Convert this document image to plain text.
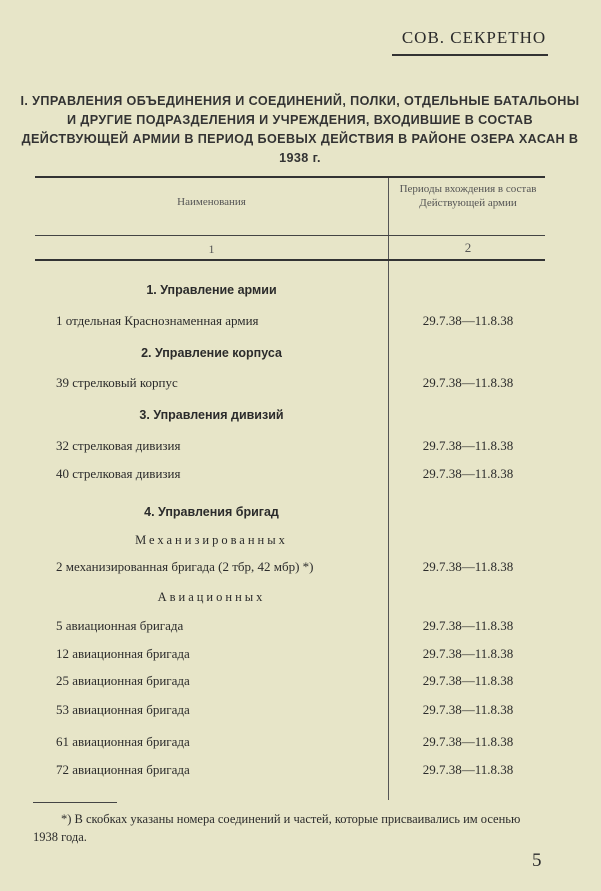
СОВ. СЕКРЕТНО
I. УПРАВЛЕНИЯ ОБЪЕДИНЕНИЯ И СОЕДИНЕНИЙ, ПОЛКИ, ОТДЕЛЬНЫЕ БАТАЛЬОНЫ И ДРУГИЕ ПОДРАЗДЕЛЕНИЯ И УЧРЕЖДЕНИЯ, ВХОДИВШИЕ В СОСТАВ ДЕЙСТВУЮЩЕЙ АРМИИ В ПЕРИОД БОЕВЫХ ДЕЙСТВИЯ В РАЙОНЕ ОЗЕРА ХАСАН В 1938 г.
Наименования
Периоды вхождения в состав Действующей армии
1	2
1. Управление армии
1 отдельная Краснознаменная армия	29.7.38—11.8.38
2. Управление корпуса
39 стрелковый корпус	29.7.38—11.8.38
3. Управления дивизий
32 стрелковая дивизия	29.7.38—11.8.38
40 стрелковая дивизия	29.7.38—11.8.38
4. Управления бригад
Механизированных
2 механизированная бригада (2 тбр, 42 мбр) *)	29.7.38—11.8.38
Авиационных
5 авиационная бригада	29.7.38—11.8.38
12 авиационная бригада	29.7.38—11.8.38
25 авиационная бригада	29.7.38—11.8.38
53 авиационная бригада	29.7.38—11.8.38
61 авиационная бригада	29.7.38—11.8.38
72 авиационная бригада	29.7.38—11.8.38
*) В скобках указаны номера соединений и частей, которые присваивались им осенью 1938 года.
5
